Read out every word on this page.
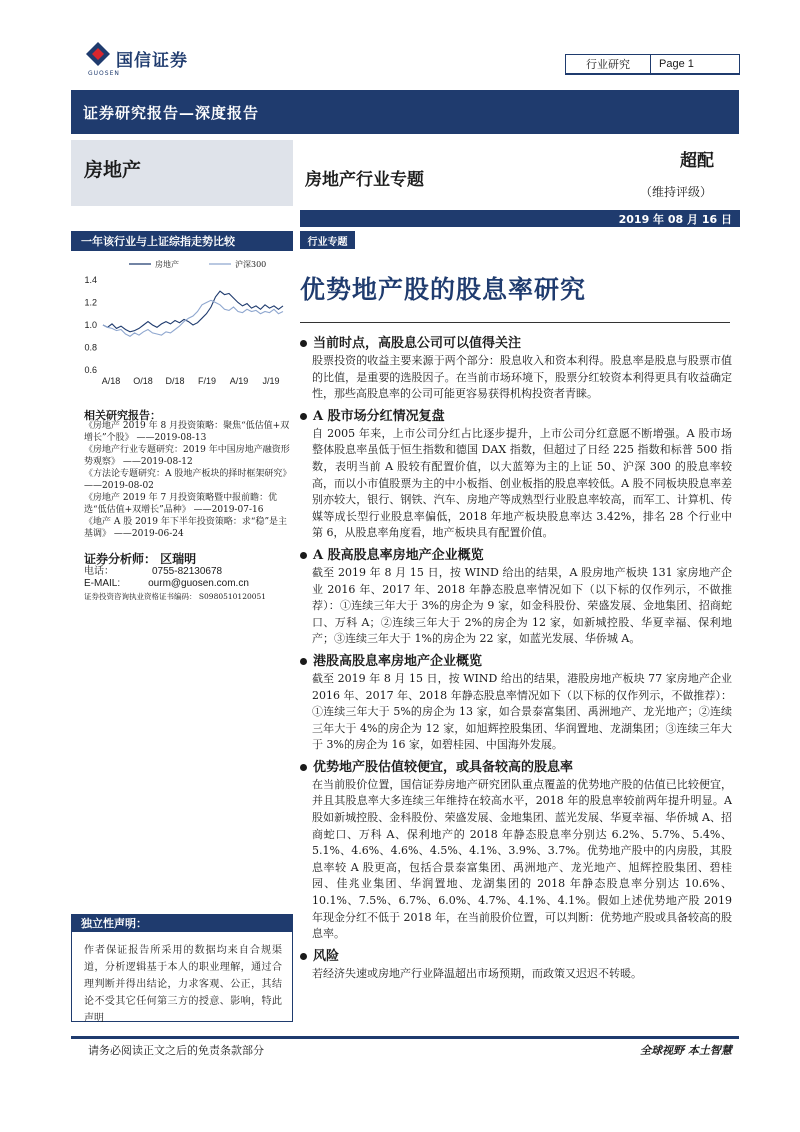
国信证券
GUOSEN
行业研究	Page 1
证券研究报告—深度报告
房地产	房地产行业专题
超配
（维持评级）
2019 年 08 月 16 日
一年该行业与上证综指走势比较
房地产	沪深300
1.4
1.2
1.0
0.8
0.6
A/18 O/18 D/18 F/19 A/19 J/19
相关研究报告：
《房地产 2019 年 8 月投资策略：聚焦“低估值+双增长”个股》 ——2019-08-13
《房地产行业专题研究：2019 年中国房地产融资形势观察》 ——2019-08-12
《方法论专题研究：A 股地产板块的择时框架研究》 ——2019-08-02
《房地产 2019 年 7 月投资策略暨中报前瞻：优选“低估值+双增长”品种》 ——2019-07-16
《地产 A 股 2019 年下半年投资策略：求“稳”是主基调》 ——2019-06-24
证券分析师： 区瑞明
电话：	0755-82130678
E-MAIL:	ourm@guosen.com.cn
证券投资咨询执业资格证书编码： S0980510120051
独立性声明：
作者保证报告所采用的数据均来自合规渠道，分析逻辑基于本人的职业理解，通过合理判断并得出结论，力求客观、公正，其结论不受其它任何第三方的授意、影响，特此声明
行业专题
优势地产股的股息率研究
当前时点，高股息公司可以值得关注
股票投资的收益主要来源于两个部分：股息收入和资本利得。股息率是股息与股票市值的比值，是重要的选股因子。在当前市场环境下，股票分红较资本利得更具有收益确定性，那些高股息率的公司可能更容易获得机构投资者青睐。
A 股市场分红情况复盘
自 2005 年来，上市公司分红占比逐步提升，上市公司分红意愿不断增强。A 股市场整体股息率虽低于恒生指数和德国 DAX 指数，但超过了日经 225 指数和标普 500 指数，表明当前 A 股较有配置价值，以大蓝筹为主的上证 50、沪深 300 的股息率较高，而以小市值股票为主的中小板指、创业板指的股息率较低。A 股不同板块股息率差别亦较大，银行、钢铁、汽车、房地产等成熟型行业股息率较高，而军工、计算机、传媒等成长型行业股息率偏低，2018 年地产板块股息率达 3.42%，排名 28 个行业中第 6，从股息率角度看，地产板块具有配置价值。
A 股高股息率房地产企业概览
截至 2019 年 8 月 15 日，按 WIND 给出的结果，A 股房地产板块 131 家房地产企业 2016 年、2017 年、2018 年静态股息率情况如下（以下标的仅作列示，不做推荐）：①连续三年大于 3%的房企为 9 家，如金科股份、荣盛发展、金地集团、招商蛇口、万科 A；②连续三年大于 2%的房企为 12 家，如新城控股、华夏幸福、保利地产；③连续三年大于 1%的房企为 22 家，如蓝光发展、华侨城 A。
港股高股息率房地产企业概览
截至 2019 年 8 月 15 日，按 WIND 给出的结果，港股房地产板块 77 家房地产企业 2016 年、2017 年、2018 年静态股息率情况如下（以下标的仅作列示，不做推荐）：①连续三年大于 5%的房企为 13 家，如合景泰富集团、禹洲地产、龙光地产；②连续三年大于 4%的房企为 12 家，如旭辉控股集团、华润置地、龙湖集团；③连续三年大于 3%的房企为 16 家，如碧桂园、中国海外发展。
优势地产股估值较便宜，或具备较高的股息率
在当前股价位置，国信证券房地产研究团队重点覆盖的优势地产股的估值已比较便宜，并且其股息率大多连续三年维持在较高水平，2018 年的股息率较前两年提升明显。A 股如新城控股、金科股份、荣盛发展、金地集团、蓝光发展、华夏幸福、华侨城 A、招商蛇口、万科 A、保利地产的 2018 年静态股息率分别达 6.2%、5.7%、5.4%、5.1%、4.6%、4.6%、4.5%、4.1%、3.9%、3.7%。优势地产股中的内房股，其股息率较 A 股更高，包括合景泰富集团、禹洲地产、龙光地产、旭辉控股集团、碧桂园、佳兆业集团、华润置地、龙湖集团的 2018 年静态股息率分别达 10.6%、10.1%、7.5%、6.7%、6.0%、4.7%、4.1%、4.1%。假如上述优势地产股 2019 年现金分红不低于 2018 年，在当前股价位置，可以判断：优势地产股或具备较高的股息率。
风险
若经济失速或房地产行业降温超出市场预期，而政策又迟迟不转暖。
请务必阅读正文之后的免责条款部分	全球视野 本土智慧
